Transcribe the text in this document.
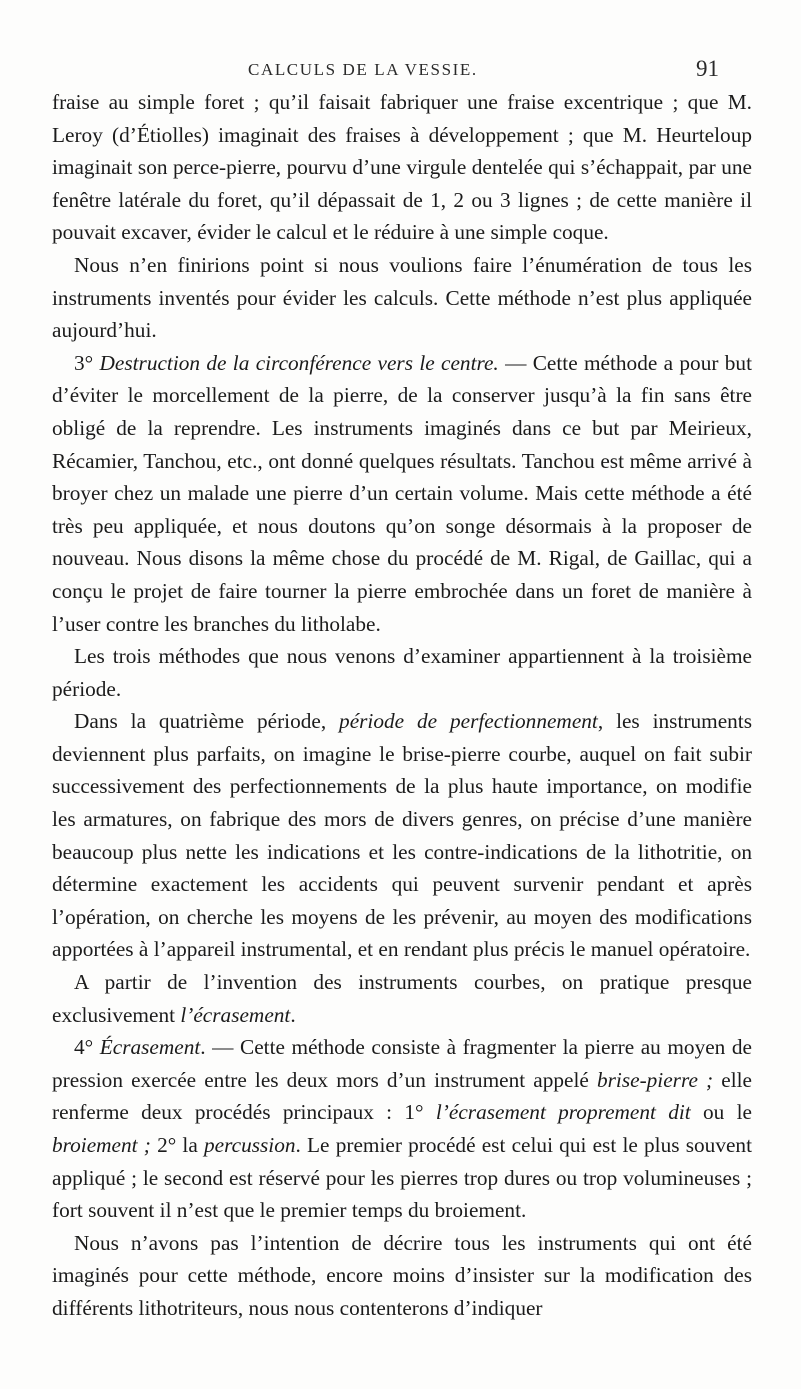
CALCULS DE LA VESSIE.	91

fraise au simple foret ; qu’il faisait fabriquer une fraise excentrique ; que M. Leroy (d’Étiolles) imaginait des fraises à développement ; que M. Heurteloup imaginait son perce-pierre, pourvu d’une virgule dentelée qui s’échappait, par une fenêtre latérale du foret, qu’il dépassait de 1, 2 ou 3 lignes ; de cette manière il pouvait excaver, évider le calcul et le réduire à une simple coque.

Nous n’en finirions point si nous voulions faire l’énumération de tous les instruments inventés pour évider les calculs. Cette méthode n’est plus appliquée aujourd’hui.

3° Destruction de la circonférence vers le centre. — Cette méthode a pour but d’éviter le morcellement de la pierre, de la conserver jusqu’à la fin sans être obligé de la reprendre. Les instruments imaginés dans ce but par Meirieux, Récamier, Tanchou, etc., ont donné quelques résultats. Tanchou est même arrivé à broyer chez un malade une pierre d’un certain volume. Mais cette méthode a été très peu appliquée, et nous doutons qu’on songe désormais à la proposer de nouveau. Nous disons la même chose du procédé de M. Rigal, de Gaillac, qui a conçu le projet de faire tourner la pierre embrochée dans un foret de manière à l’user contre les branches du litholabe.

Les trois méthodes que nous venons d’examiner appartiennent à la troisième période.

Dans la quatrième période, période de perfectionnement, les instruments deviennent plus parfaits, on imagine le brise-pierre courbe, auquel on fait subir successivement des perfectionnements de la plus haute importance, on modifie les armatures, on fabrique des mors de divers genres, on précise d’une manière beaucoup plus nette les indications et les contre-indications de la lithotritie, on détermine exactement les accidents qui peuvent survenir pendant et après l’opération, on cherche les moyens de les prévenir, au moyen des modifications apportées à l’appareil instrumental, et en rendant plus précis le manuel opératoire.

A partir de l’invention des instruments courbes, on pratique presque exclusivement l’écrasement.

4° Écrasement. — Cette méthode consiste à fragmenter la pierre au moyen de pression exercée entre les deux mors d’un instrument appelé brise-pierre ; elle renferme deux procédés principaux : 1° l’écrasement proprement dit ou le broiement ; 2° la percussion. Le premier procédé est celui qui est le plus souvent appliqué ; le second est réservé pour les pierres trop dures ou trop volumineuses ; fort souvent il n’est que le premier temps du broiement.

Nous n’avons pas l’intention de décrire tous les instruments qui ont été imaginés pour cette méthode, encore moins d’insister sur la modification des différents lithotriteurs, nous nous contenterons d’indiquer
